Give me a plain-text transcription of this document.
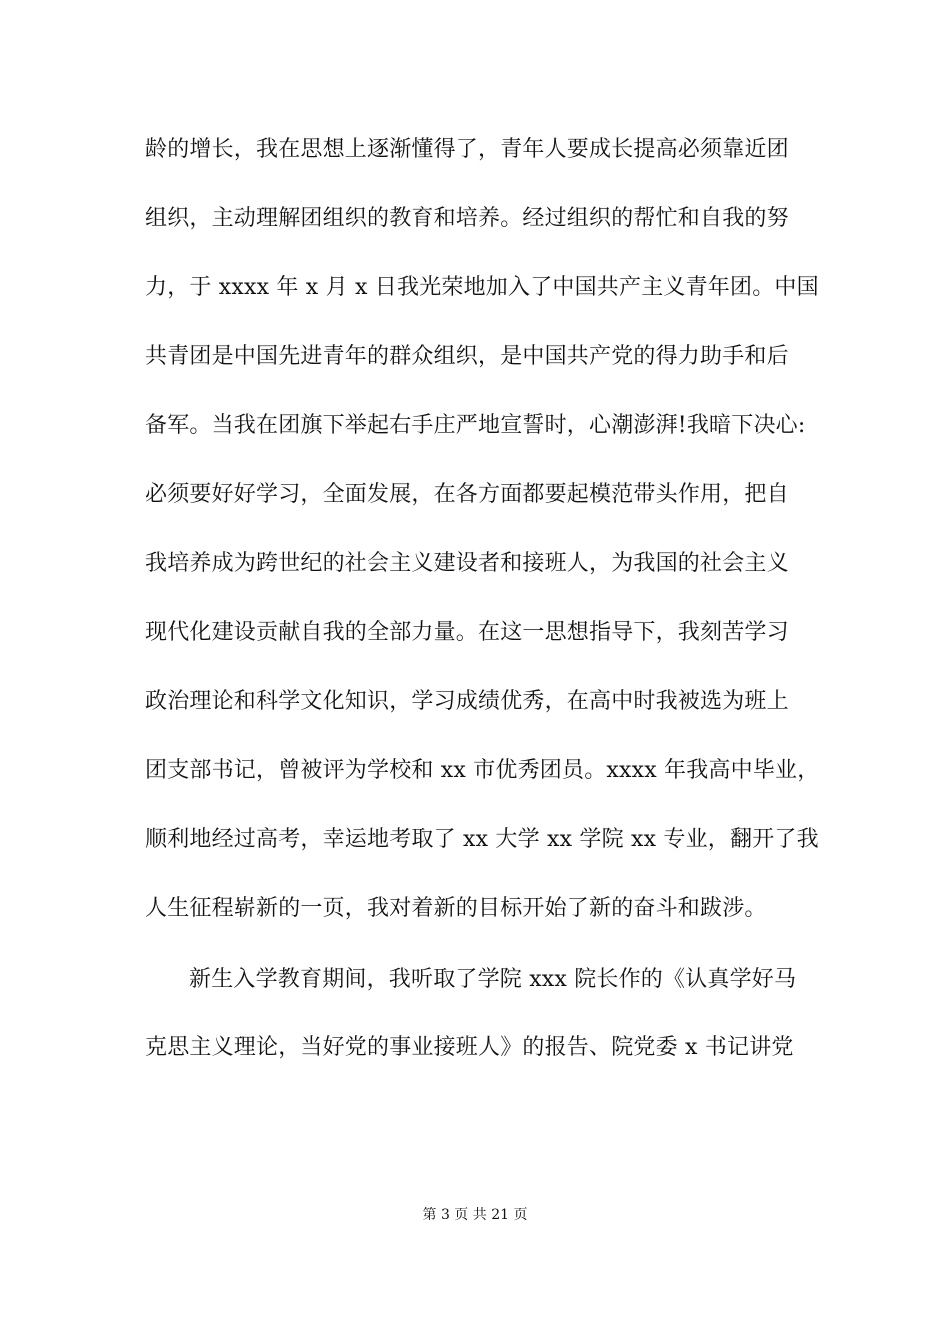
龄的增长，我在思想上逐渐懂得了，青年人要成长提高必须靠近团
组织，主动理解团组织的教育和培养。经过组织的帮忙和自我的努
力，于 xxxx 年 x 月 x 日我光荣地加入了中国共产主义青年团。中国
共青团是中国先进青年的群众组织，是中国共产党的得力助手和后
备军。当我在团旗下举起右手庄严地宣誓时，心潮澎湃!我暗下决心:
必须要好好学习，全面发展，在各方面都要起模范带头作用，把自
我培养成为跨世纪的社会主义建设者和接班人，为我国的社会主义
现代化建设贡献自我的全部力量。在这一思想指导下，我刻苦学习
政治理论和科学文化知识，学习成绩优秀，在高中时我被选为班上
团支部书记，曾被评为学校和 xx 市优秀团员。xxxx 年我高中毕业，
顺利地经过高考，幸运地考取了 xx 大学 xx 学院 xx 专业，翻开了我
人生征程崭新的一页，我对着新的目标开始了新的奋斗和跋涉。
新生入学教育期间，我听取了学院 xxx 院长作的《认真学好马
克思主义理论，当好党的事业接班人》的报告、院党委 x 书记讲党
第 3 页 共 21 页
